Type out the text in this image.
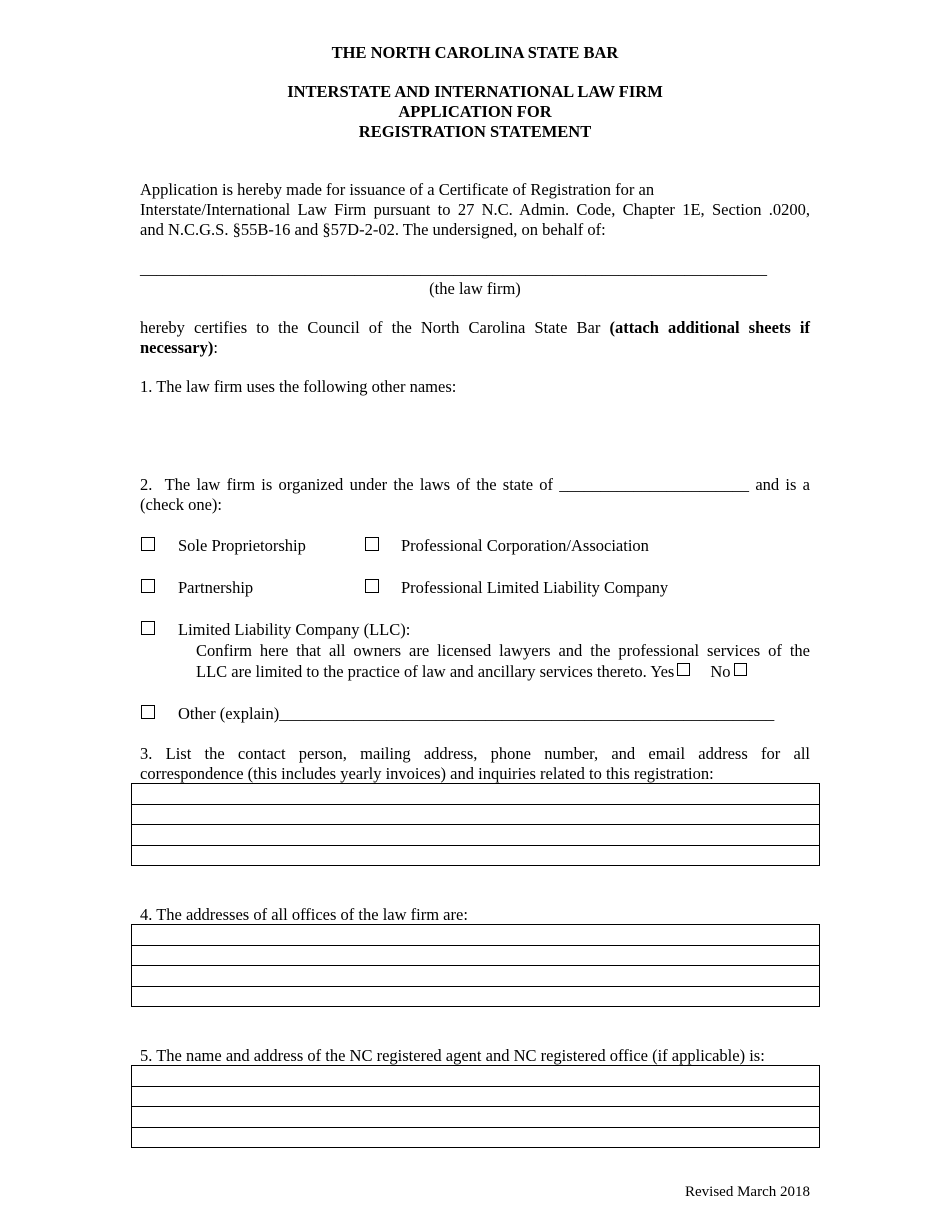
THE NORTH CAROLINA STATE BAR
INTERSTATE AND INTERNATIONAL LAW FIRM
APPLICATION FOR
REGISTRATION STATEMENT
Application is hereby made for issuance of a Certificate of Registration for an
Interstate/International Law Firm pursuant to 27 N.C. Admin. Code, Chapter 1E, Section .0200,
and N.C.G.S. §55B-16 and §57D-2-02. The undersigned, on behalf of:
____________________________________________________________________________
(the law firm)
hereby certifies to the Council of the North Carolina State Bar (attach additional sheets if
necessary):
1. The law firm uses the following other names:
2.  The law firm is organized under the laws of the state of _______________________ and is a
(check one):
Sole Proprietorship	Professional Corporation/Association
Partnership	Professional Limited Liability Company
Limited Liability Company (LLC):
Confirm here that all owners are licensed lawyers and the professional services of the
LLC are limited to the practice of law and ancillary services thereto. Yes No
Other (explain)____________________________________________________________
3. List the contact person, mailing address, phone number, and email address for all
correspondence (this includes yearly invoices) and inquiries related to this registration:
4. The addresses of all offices of the law firm are:
5. The name and address of the NC registered agent and NC registered office (if applicable) is:
Revised March 2018
